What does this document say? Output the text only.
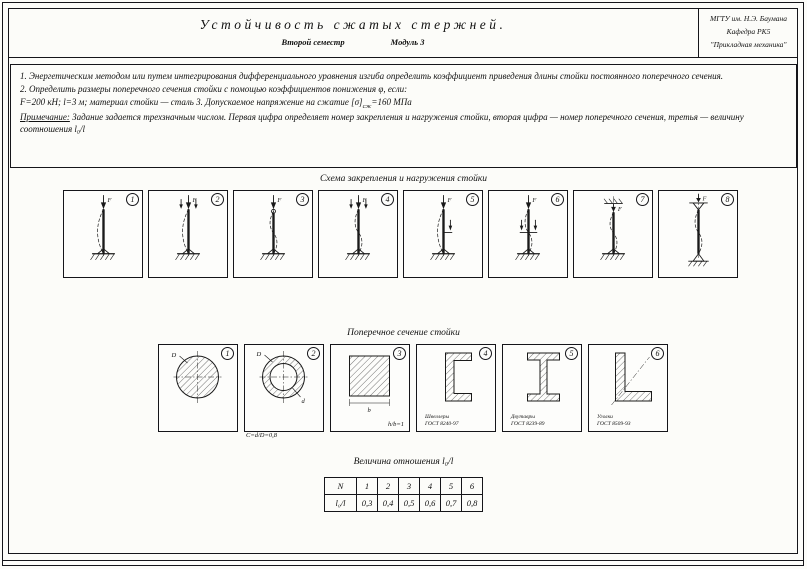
Устойчивость сжатых стержней.
Второй семестр	Модуль 3
МГТУ им. Н.Э. Баумана
Кафедра РК5
"Прикладная механика"

1. Энергетическим методом или путем интегрирования дифференциального уравнения изгиба определить коэффициент приведения длины стойки постоянного поперечного сечения.

2. Определить размеры поперечного сечения стойки с помощью коэффициентов понижения φ, если:

F=200 кН; l=3 м; материал стойки — сталь 3. Допускаемое напряжение на сжатие $[\sigma]_{сж}=160$ МПа

Примечание: Задание задается трехзначным числом. Первая цифра определяет номер закрепления и нагружения стойки, вторая цифра — номер поперечного сечения, третья — величину соотношения l₀/l

Схема закрепления и нагружения стойки
1
F	2
F	3
F	4
F	5
F	6
F	7
F
8
F
Поперечное сечение стойки
1
D	2
D
d
C=d/D=0,8
3
b
h/b=1
4
Швеллеры
ГОСТ 8240-97
5
Двутавры
ГОСТ 8239-89
6
Уголки
ГОСТ 8509-93
Величина отношения l₀/l
N	1	2	3	4	5	6
l₀/l	0,3	0,4	0,5	0,6	0,7	0,8
